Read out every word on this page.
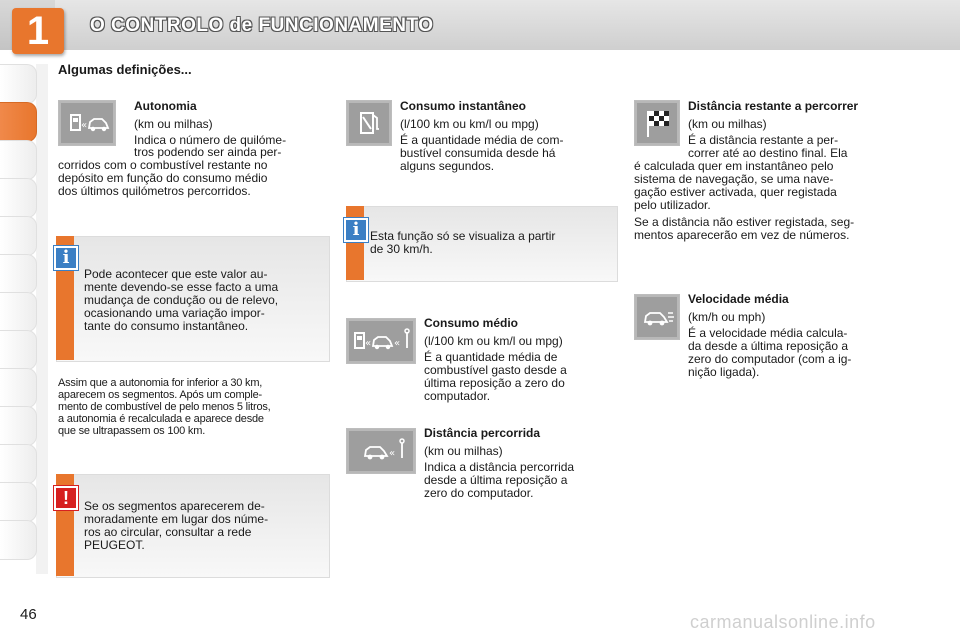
1	O CONTROLO de FUNCIONAMENTO
Algumas definições...
«
Autonomia
(km ou milhas)
Indica o número de quilóme-
tros podendo ser ainda per-
corridos com o combustível restante no
depósito em função do consumo médio
dos últimos quilómetros percorridos.
i
Pode acontecer que este valor au-
mente devendo-se esse facto a uma
mudança de condução ou de relevo,
ocasionando uma variação impor-
tante do consumo instantâneo.
Assim que a autonomia for inferior a 30 km,
aparecem os segmentos. Após um comple-
mento de combustível de pelo menos 5 litros,
a autonomia é recalculada e aparece desde
que se ultrapassem os 100 km.
!	Se os segmentos aparecerem de-
moradamente em lugar dos núme-
ros ao circular, consultar a rede
PEUGEOT.
Consumo instantâneo
(l/100 km ou km/l ou mpg)
É a quantidade média de com-
bustível consumida desde há
alguns segundos.
i Esta função só se visualiza a partir
de 30 km/h.
« «
Consumo médio
(l/100 km ou km/l ou mpg)
É a quantidade média de
combustível gasto desde a
última reposição a zero do
computador.
«
Distância percorrida
(km ou milhas)
Indica a distância percorrida
desde a última reposição a
zero do computador.
Distância restante a percorrer
(km ou milhas)
É a distância restante a per-
correr até ao destino final. Ela
é calculada quer em instantâneo pelo
sistema de navegação, se uma nave-
gação estiver activada, quer registada
pelo utilizador.
Se a distância não estiver registada, seg-
mentos aparecerão em vez de números.
Velocidade média
(km/h ou mph)
É a velocidade média calcula-
da desde a última reposição a
zero do computador (com a ig-
nição ligada).
46	carmanualsonline.info
